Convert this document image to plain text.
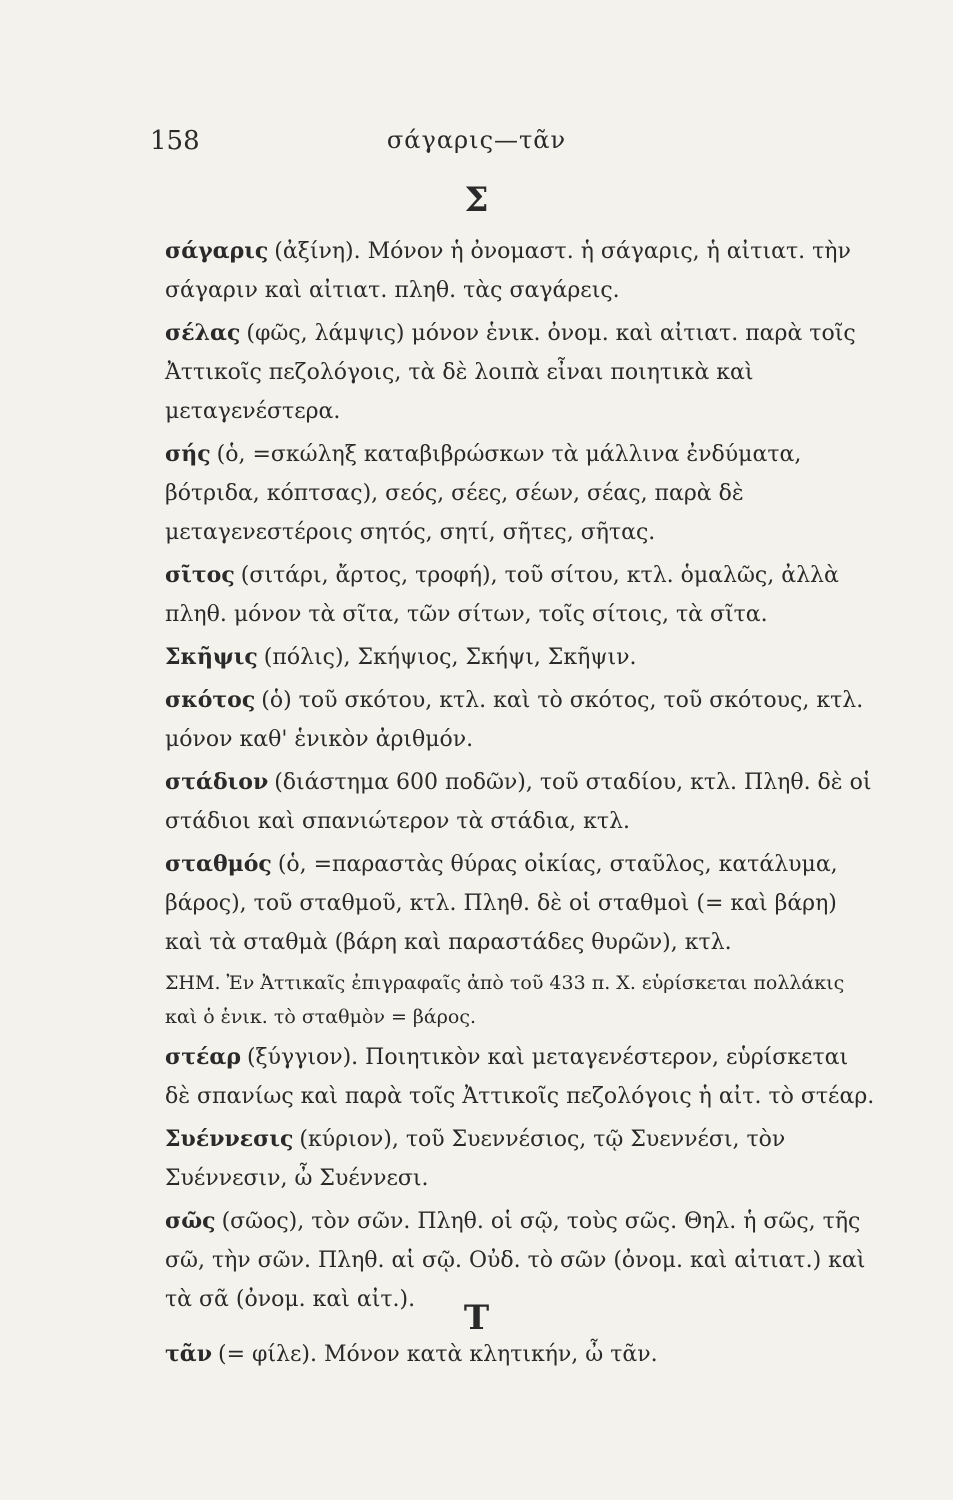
158	σάγαρις—τᾶν
Σ

σάγαρις (ἀξίνη). Μόνον ἡ ὀνομαστ. ἡ σάγαρις, ἡ αἰτιατ. τὴν σάγαριν καὶ αἰτιατ. πληθ. τὰς σαγάρεις.

σέλας (φῶς, λάμψις) μόνον ἑνικ. ὀνομ. καὶ αἰτιατ. παρὰ τοῖς Ἀττικοῖς πεζολόγοις, τὰ δὲ λοιπὰ εἶναι ποιητικὰ καὶ μεταγενέστερα.

σής (ὁ, =σκώληξ καταβιβρώσκων τὰ μάλλινα ἐνδύματα, βότριδα, κόπτσας), σεός, σέες, σέων, σέας, παρὰ δὲ μεταγενεστέροις σητός, σητί, σῆτες, σῆτας.

σῖτος (σιτάρι, ἄρτος, τροφή), τοῦ σίτου, κτλ. ὁμαλῶς, ἀλλὰ πληθ. μόνον τὰ σῖτα, τῶν σίτων, τοῖς σίτοις, τὰ σῖτα.

Σκῆψις (πόλις), Σκήψιος, Σκήψι, Σκῆψιν.

σκότος (ὁ) τοῦ σκότου, κτλ. καὶ τὸ σκότος, τοῦ σκότους, κτλ. μόνον καθ' ἑνικὸν ἀριθμόν.

στάδιον (διάστημα 600 ποδῶν), τοῦ σταδίου, κτλ. Πληθ. δὲ οἱ στάδιοι καὶ σπανιώτερον τὰ στάδια, κτλ.

σταθμός (ὁ, =παραστὰς θύρας οἰκίας, σταῦλος, κατάλυμα, βάρος), τοῦ σταθμοῦ, κτλ. Πληθ. δὲ οἱ σταθμοὶ (= καὶ βάρη) καὶ τὰ σταθμὰ (βάρη καὶ παραστάδες θυρῶν), κτλ.

ΣΗΜ. Ἐν Ἀττικαῖς ἐπιγραφαῖς ἀπὸ τοῦ 433 π. Χ. εὑρίσκεται πολλάκις καὶ ὁ ἑνικ. τὸ σταθμὸν = βάρος.

στέαρ (ξύγγιον). Ποιητικὸν καὶ μεταγενέστερον, εὑρίσκεται δὲ σπανίως καὶ παρὰ τοῖς Ἀττικοῖς πεζολόγοις ἡ αἰτ. τὸ στέαρ.

Συέννεσις (κύριον), τοῦ Συεννέσιος, τῷ Συεννέσι, τὸν Συέννεσιν, ὦ Συέννεσι.

σῶς (σῶος), τὸν σῶν. Πληθ. οἱ σῷ, τοὺς σῶς. Θηλ. ἡ σῶς, τῆς σῶ, τὴν σῶν. Πληθ. αἱ σῷ. Οὐδ. τὸ σῶν (ὀνομ. καὶ αἰτιατ.) καὶ τὰ σᾶ (ὀνομ. καὶ αἰτ.).	Τ

τᾶν (= φίλε). Μόνον κατὰ κλητικήν, ὦ τᾶν.
